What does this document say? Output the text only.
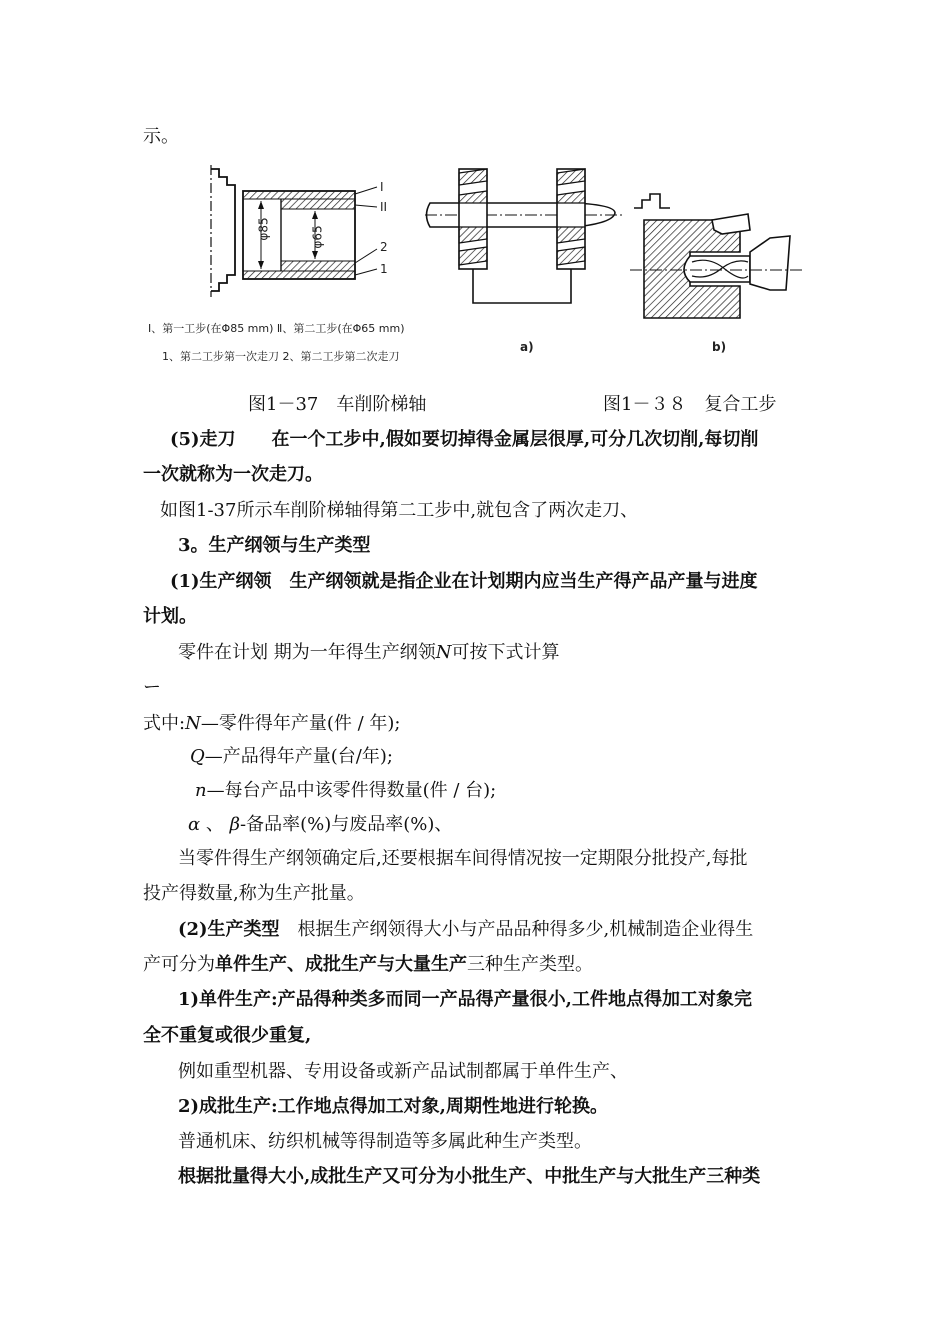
示。
φ85	φ65
I
II
2
1
Ⅰ、第一工步(在Φ85 mm) Ⅱ、第二工步(在Φ65 mm)
1、第二工步第一次走刀 2、第二工步第二次走刀
a)	b)
图1－37　车削阶梯轴	图1－３８　复合工步
(5)走刀　　在一个工步中,假如要切掉得金属层很厚,可分几次切削,每切削
一次就称为一次走刀。
如图1-37所示车削阶梯轴得第二工步中,就包含了两次走刀、
3。生产纲领与生产类型
(1)生产纲领　生产纲领就是指企业在计划期内应当生产得产品产量与进度
计划。
零件在计划 期为一年得生产纲领N可按下式计算
ー
式中:N—零件得年产量(件 / 年);
Q—产品得年产量(台/年);
n—每台产品中该零件得数量(件 / 台);
α 、 β-备品率(%)与废品率(%)、
当零件得生产纲领确定后,还要根据车间得情况按一定期限分批投产,每批
投产得数量,称为生产批量。
(2)生产类型　根据生产纲领得大小与产品品种得多少,机械制造企业得生
产可分为单件生产、成批生产与大量生产三种生产类型。
1)单件生产:产品得种类多而同一产品得产量很小,工件地点得加工对象完
全不重复或很少重复,
例如重型机器、专用设备或新产品试制都属于单件生产、
2)成批生产:工作地点得加工对象,周期性地进行轮换。
普通机床、纺织机械等得制造等多属此种生产类型。
根据批量得大小,成批生产又可分为小批生产、中批生产与大批生产三种类
